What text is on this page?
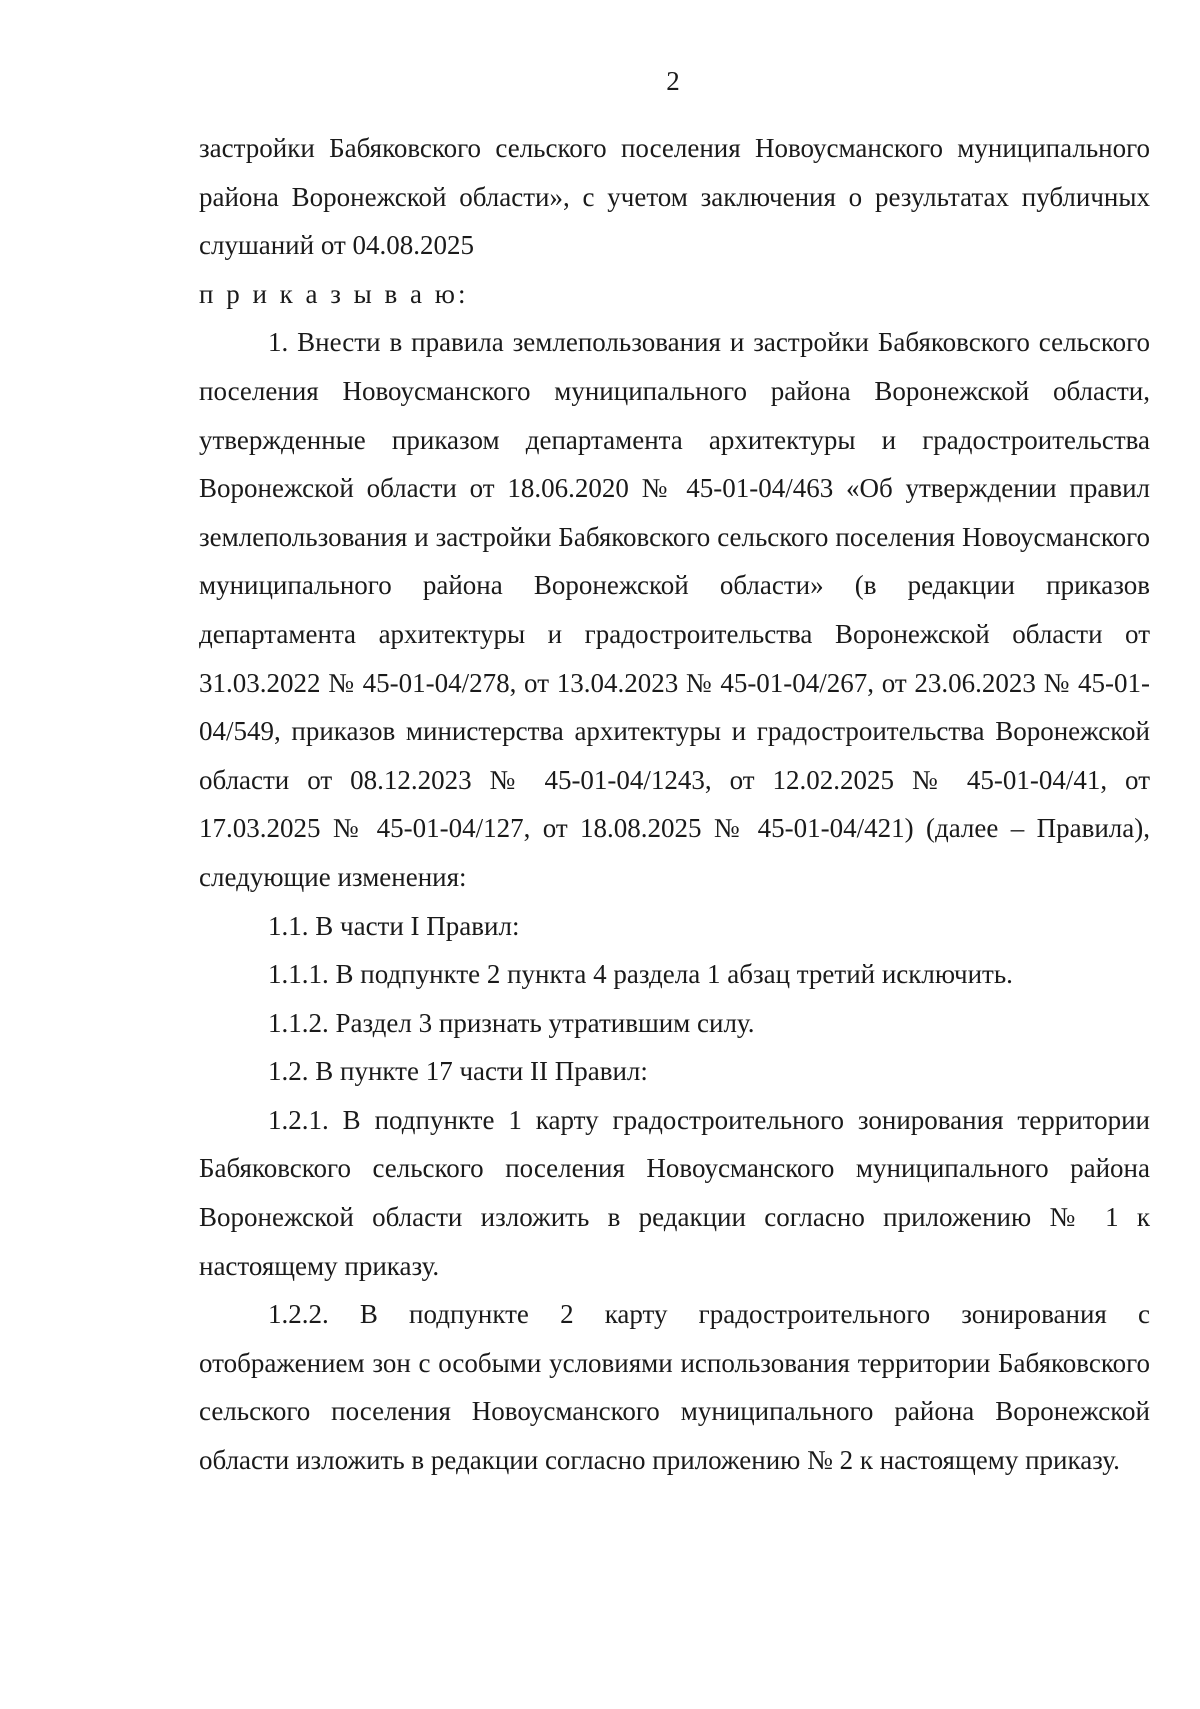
2

застройки Бабяковского сельского поселения Новоусманского муниципального района Воронежской области», с учетом заключения о результатах публичных слушаний от 04.08.2025

п р и к а з ы в а ю:

1. Внести в правила землепользования и застройки Бабяковского сельского поселения Новоусманского муниципального района Воронежской области, утвержденные приказом департамента архитектуры и градостроительства Воронежской области от 18.06.2020 № 45-01-04/463 «Об утверждении правил землепользования и застройки Бабяковского сельского поселения Новоусманского муниципального района Воронежской области» (в редакции приказов департамента архитектуры и градостроительства Воронежской области от 31.03.2022 № 45-01-04/278, от 13.04.2023 № 45-01-04/267, от 23.06.2023 № 45-01-04/549, приказов министерства архитектуры и градостроительства Воронежской области от 08.12.2023 № 45-01-04/1243, от 12.02.2025 № 45-01-04/41, от 17.03.2025 № 45-01-04/127, от 18.08.2025 № 45-01-04/421) (далее – Правила), следующие изменения:

1.1. В части I Правил:

1.1.1. В подпункте 2 пункта 4 раздела 1 абзац третий исключить.

1.1.2. Раздел 3 признать утратившим силу.

1.2. В пункте 17 части II Правил:

1.2.1. В подпункте 1 карту градостроительного зонирования территории Бабяковского сельского поселения Новоусманского муниципального района Воронежской области изложить в редакции согласно приложению № 1 к настоящему приказу.

1.2.2. В подпункте 2 карту градостроительного зонирования с отображением зон с особыми условиями использования территории Бабяковского сельского поселения Новоусманского муниципального района Воронежской области изложить в редакции согласно приложению № 2 к настоящему приказу.
